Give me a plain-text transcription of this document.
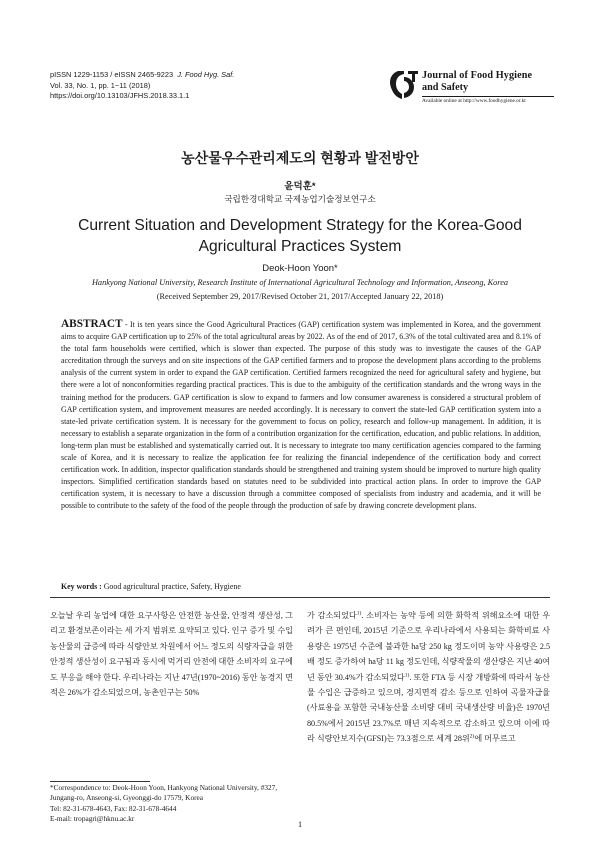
pISSN 1229-1153 / eISSN 2465-9223 J. Food Hyg. Saf.
Vol. 33, No. 1, pp. 1~11 (2018)
https://doi.org/10.13103/JFHS.2018.33.1.1
Journal of Food Hygiene
and Safety
Available online at http://www.foodhygiene.or.kr
농산물우수관리제도의 현황과 발전방안
윤덕훈*
국립한경대학교 국제농업기술정보연구소
Current Situation and Development Strategy for the Korea-Good
Agricultural Practices System
Deok-Hoon Yoon*
Hankyong National University, Research Institute of International Agricultural Technology and Information, Anseong, Korea
(Received September 29, 2017/Revised October 21, 2017/Accepted January 22, 2018)

ABSTRACT - It is ten years since the Good Agricultural Practices (GAP) certification system was implemented in Korea, and the government aims to acquire GAP certification up to 25% of the total agricultural areas by 2022. As of the end of 2017, 6.3% of the total cultivated area and 8.1% of the total farm households were certified, which is slower than expected. The purpose of this study was to investigate the causes of the GAP accreditation through the surveys and on site inspections of the GAP certified farmers and to propose the development plans according to the problems analysis of the current system in order to expand the GAP certification. Certified farmers recognized the need for agricultural safety and hygiene, but there were a lot of nonconformities regarding practical practices. This is due to the ambiguity of the certification standards and the wrong ways in the training method for the producers. GAP certification is slow to expand to farmers and low consumer awareness is considered a structural problem of GAP certification system, and improvement measures are needed accordingly. It is necessary to convert the state-led GAP certification system into a state-led private certification system. It is necessary for the government to focus on policy, research and follow-up management. In addition, it is necessary to establish a separate organization in the form of a contribution organization for the certification, education, and public relations. In addition, long-term plan must be established and systematically carried out. It is necessary to integrate too many certification agencies compared to the farming scale of Korea, and it is necessary to realize the application fee for realizing the financial independence of the certification body and correct certification work. In addition, inspector qualification standards should be strengthened and training system should be improved to nurture high quality inspectors. Simplified certification standards based on statutes need to be subdivided into practical action plans. In order to improve the GAP certification system, it is necessary to have a discussion through a committee composed of specialists from industry and academia, and it will be possible to contribute to the safety of the food of the people through the production of safe by drawing concrete development plans.

Key words : Good agricultural practice, Safety, Hygiene

오늘날 우리 농업에 대한 요구사항은 안전한 농산물, 안정적 생산성, 그리고 환경보존이라는 세 가지 범위로 요약되고 있다. 인구 증가 및 수입농산물의 급증에 따라 식량안보 차원에서 어느 정도의 식량자급을 위한 안정적 생산성이 요구됨과 동시에 먹거리 안전에 대한 소비자의 요구에도 부응을 해야 한다. 우리나라는 지난 47년(1970~2016) 동안 농경지 면적은 26%가 감소되었으며, 농촌인구는 50%

가 감소되었다$^{1)}$. 소비자는 농약 등에 의한 화학적 위해요소에 대한 우려가 큰 편인데, 2015년 기준으로 우리나라에서 사용되는 화학비료 사용량은 1975년 수준에 불과한 ha당 250 kg 정도이며 농약 사용량은 2.5배 정도 증가하여 ha당 11 kg 정도인데, 식량작물의 생산량은 지난 40여년 동안 30.4%가 감소되었다$^{1)}$. 또한 FTA 등 시장 개방화에 따라서 농산물 수입은 급증하고 있으며, 경지면적 감소 등으로 인하여 곡물자급율 (사료용을 포함한 국내농산물 소비량 대비 국내생산량 비율)은 1970년 80.5%에서 2015년 23.7%로 매년 지속적으로 감소하고 있으며 이에 따라 식량안보지수(GFSI)는 73.3점으로 세계 28위$^{2)}$에 머무르고

*Correspondence to: Deok-Hoon Yoon, Hankyong National University, #327, Jungang-ro, Anseong-si, Gyeonggi-do 17579, Korea
Tel: 82-31-678-4643, Fax: 82-31-678-4644
E-mail: tropagri@hknu.ac.kr
1
